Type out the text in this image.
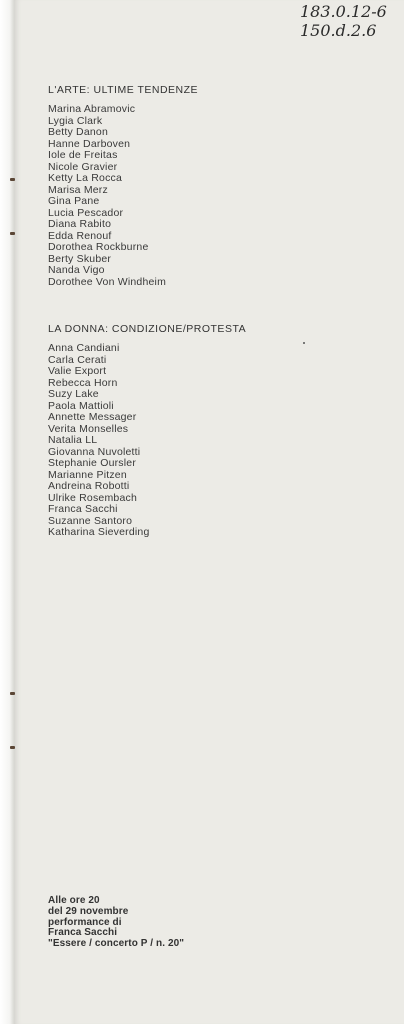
183.0.12-6
150.d.2.6
L'ARTE: ULTIME TENDENZE
Marina Abramovic
Lygia Clark
Betty Danon
Hanne Darboven
Iole de Freitas
Nicole Gravier
Ketty La Rocca
Marisa Merz
Gina Pane
Lucia Pescador
Diana Rabito
Edda Renouf
Dorothea Rockburne
Berty Skuber
Nanda Vigo
Dorothee Von Windheim
LA DONNA: CONDIZIONE/PROTESTA
Anna Candiani
Carla Cerati
Valie Export
Rebecca Horn
Suzy Lake
Paola Mattioli
Annette Messager
Verita Monselles
Natalia LL
Giovanna Nuvoletti
Stephanie Oursler
Marianne Pitzen
Andreina Robotti
Ulrike Rosembach
Franca Sacchi
Suzanne Santoro
Katharina Sieverding
Alle ore 20
del 29 novembre
performance di
Franca Sacchi
"Essere / concerto P / n. 20"
